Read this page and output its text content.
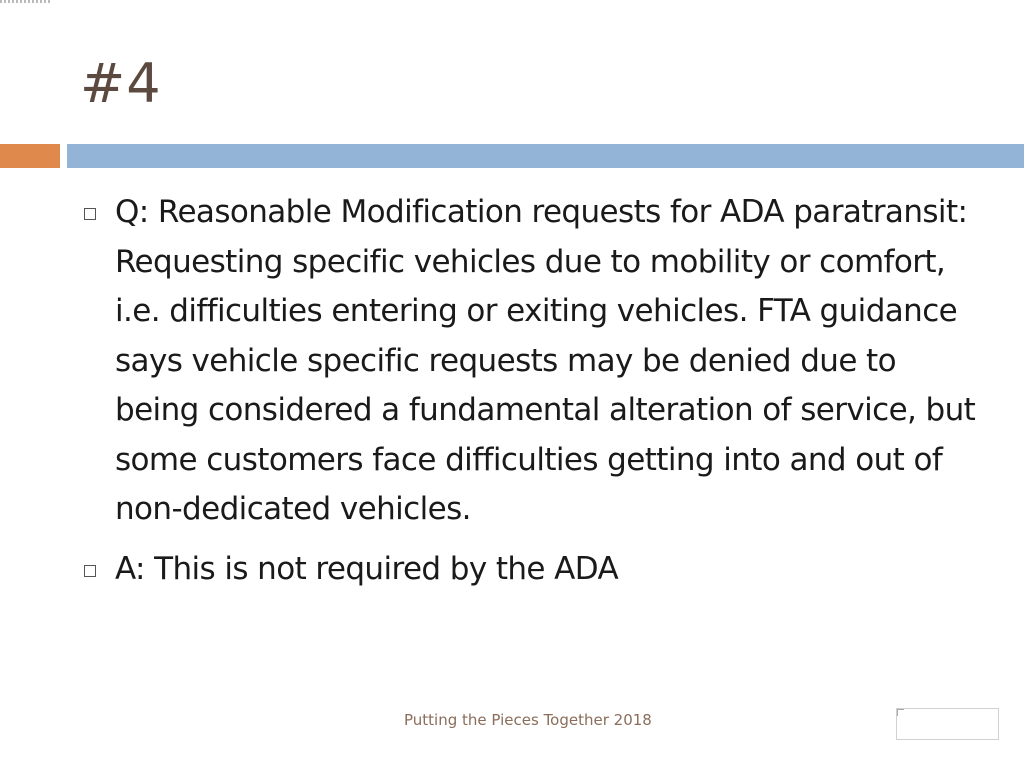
#4
Q: Reasonable Modification requests for ADA paratransit: Requesting specific vehicles due to mobility or comfort, i.e. difficulties entering or exiting vehicles. FTA guidance says vehicle specific requests may be denied due to being considered a fundamental alteration of service, but some customers face difficulties getting into and out of non-dedicated vehicles.
A: This is not required by the ADA
Putting the Pieces Together 2018
